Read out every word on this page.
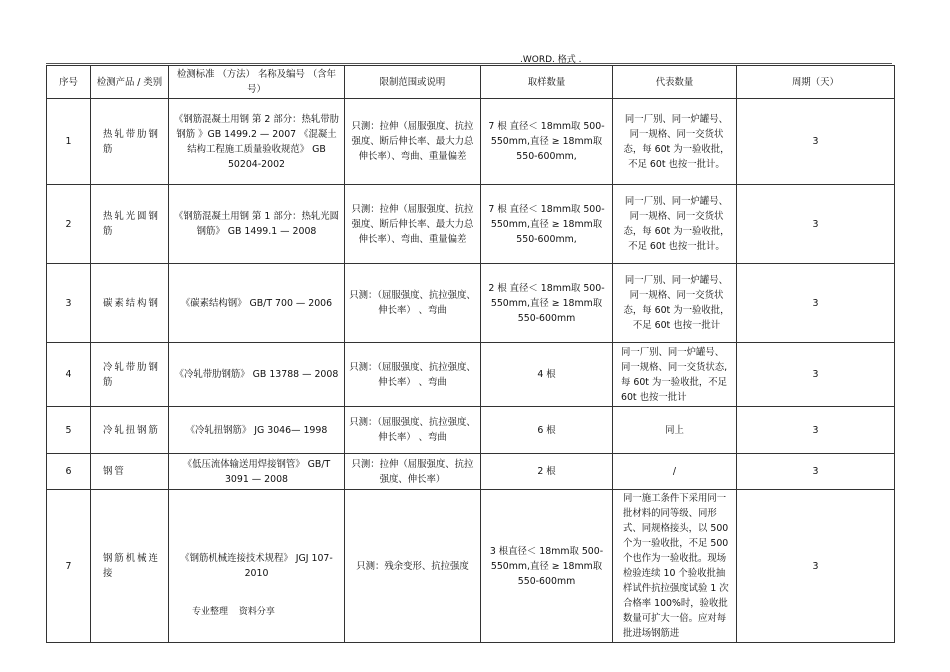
.WORD. 格式 .
序号	检测产品 / 类别	检测标准 （方法） 名称及编号 （含年号）	限制范围或说明	取样数量	代表数量	周期（天）
1	热轧带肋钢筋	《钢筋混凝土用钢 第 2 部分：热轧带肋钢筋 》GB 1499.2 — 2007 《混凝土结构工程施工质量验收规范》 GB 50204-2002	只测：拉伸（屈服强度、抗拉强度、断后伸长率、最大力总伸长率）、弯曲、重量偏差	7 根 直径＜ 18mm取 500-550mm,直径 ≥ 18mm取 550-600mm,	同一厂别、同一炉罐号、同一规格、同一交货状态，每 60t 为一验收批，不足 60t 也按一批计。	3
2	热轧光圆钢筋	《钢筋混凝土用钢 第 1 部分：热轧光圆钢筋》 GB 1499.1 — 2008	只测：拉伸（屈服强度、抗拉强度、断后伸长率、最大力总伸长率）、弯曲、重量偏差	7 根 直径＜ 18mm取 500-550mm,直径 ≥ 18mm取 550-600mm,	同一厂别、同一炉罐号、同一规格、同一交货状态，每 60t 为一验收批，不足 60t 也按一批计。	3
3	碳素结构钢	《碳素结构钢》 GB/T 700 — 2006	只测：（屈服强度、抗拉强度、伸长率） 、弯曲	2 根 直径＜ 18mm取 500-550mm,直径 ≥ 18mm取 550-600mm	同一厂别、同一炉罐号、同一规格、同一交货状态，每 60t 为一验收批，不足 60t 也按一批计	3
4	冷轧带肋钢筋	《冷轧带肋钢筋》 GB 13788 — 2008	只测：（屈服强度、抗拉强度、伸长率） 、弯曲	4 根	同一厂别、同一炉罐号、同一规格、同一交货状态, 每 60t 为一验收批，不足 60t 也按一批计	3
5	冷轧扭钢筋	《冷轧扭钢筋》 JG 3046— 1998	只测：（屈服强度、抗拉强度、伸长率） 、弯曲	6 根	同上	3
6	钢管	《低压流体输送用焊接钢管》 GB/T 3091 — 2008	只测：拉伸（屈服强度、抗拉强度、伸长率）	2 根	/	3
7	钢筋机械连接	《钢筋机械连接技术规程》 JGJ 107-2010	只测：残余变形、抗拉强度	3 根直径＜ 18mm取 500-550mm,直径 ≥ 18mm取 550-600mm	同一施工条件下采用同一批材料的同等级、同形式、同规格接头，以 500 个为一验收批，不足 500 个也作为一验收批。现场检验连续 10 个验收批抽样试件抗拉强度试验 1 次合格率 100%时，验收批数量可扩大一倍。应对每批进场钢筋进	3
专业整理 资料分享
